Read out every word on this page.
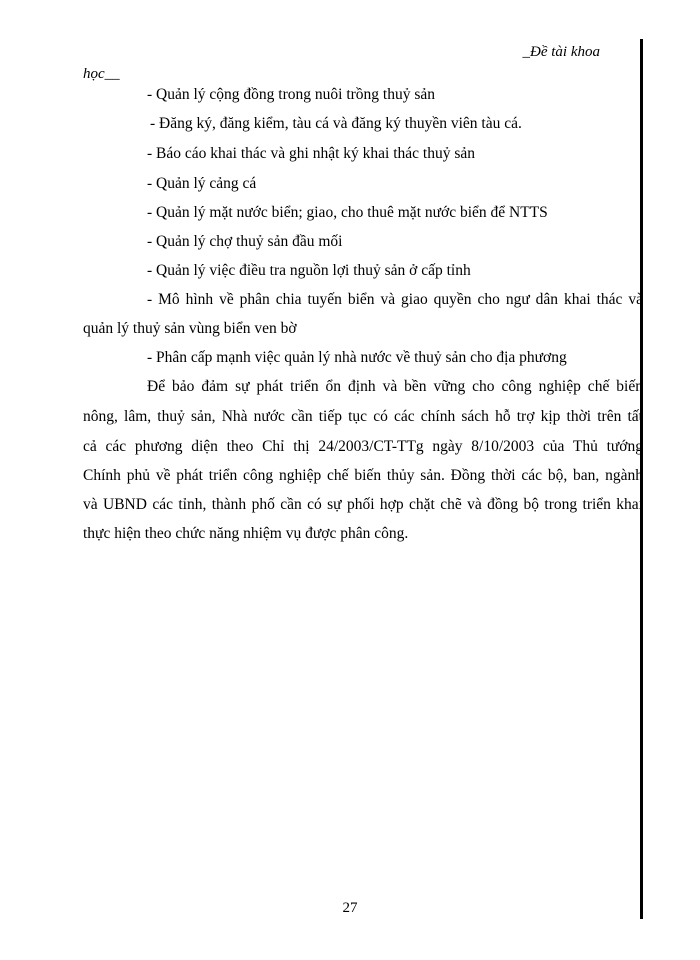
_Đề tài khoa
học__
- Quản lý cộng đồng trong nuôi trồng thuỷ sản
- Đăng ký, đăng kiểm, tàu cá và đăng ký thuyền viên tàu cá.
- Báo cáo khai thác và ghi nhật ký khai thác thuỷ sản
- Quản lý cảng cá
- Quản lý mặt nước biển; giao, cho thuê mặt nước biển để NTTS
- Quản lý chợ thuỷ sản đầu mối
- Quản lý việc điều tra nguồn lợi thuỷ sản ở cấp tỉnh
- Mô hình về phân chia tuyến biển và giao quyền cho ngư dân khai thác và
quản lý thuỷ sản vùng biển ven bờ
- Phân cấp mạnh việc quản lý nhà nước về thuỷ sản cho địa phương
Để bảo đảm sự phát triển ổn định và bền vững cho công nghiệp chế biến
nông, lâm, thuỷ sản, Nhà nước cần tiếp tục có các chính sách hỗ trợ kịp thời trên tất
cả các phương diện theo Chỉ thị 24/2003/CT-TTg ngày 8/10/2003 của Thủ tướng
Chính phủ về phát triển công nghiệp chế biến thủy sản. Đồng thời các bộ, ban, ngành
và UBND các tỉnh, thành phố cần có sự phối hợp chặt chẽ và đồng bộ trong triển khai
thực hiện theo chức năng nhiệm vụ được phân công.
27
